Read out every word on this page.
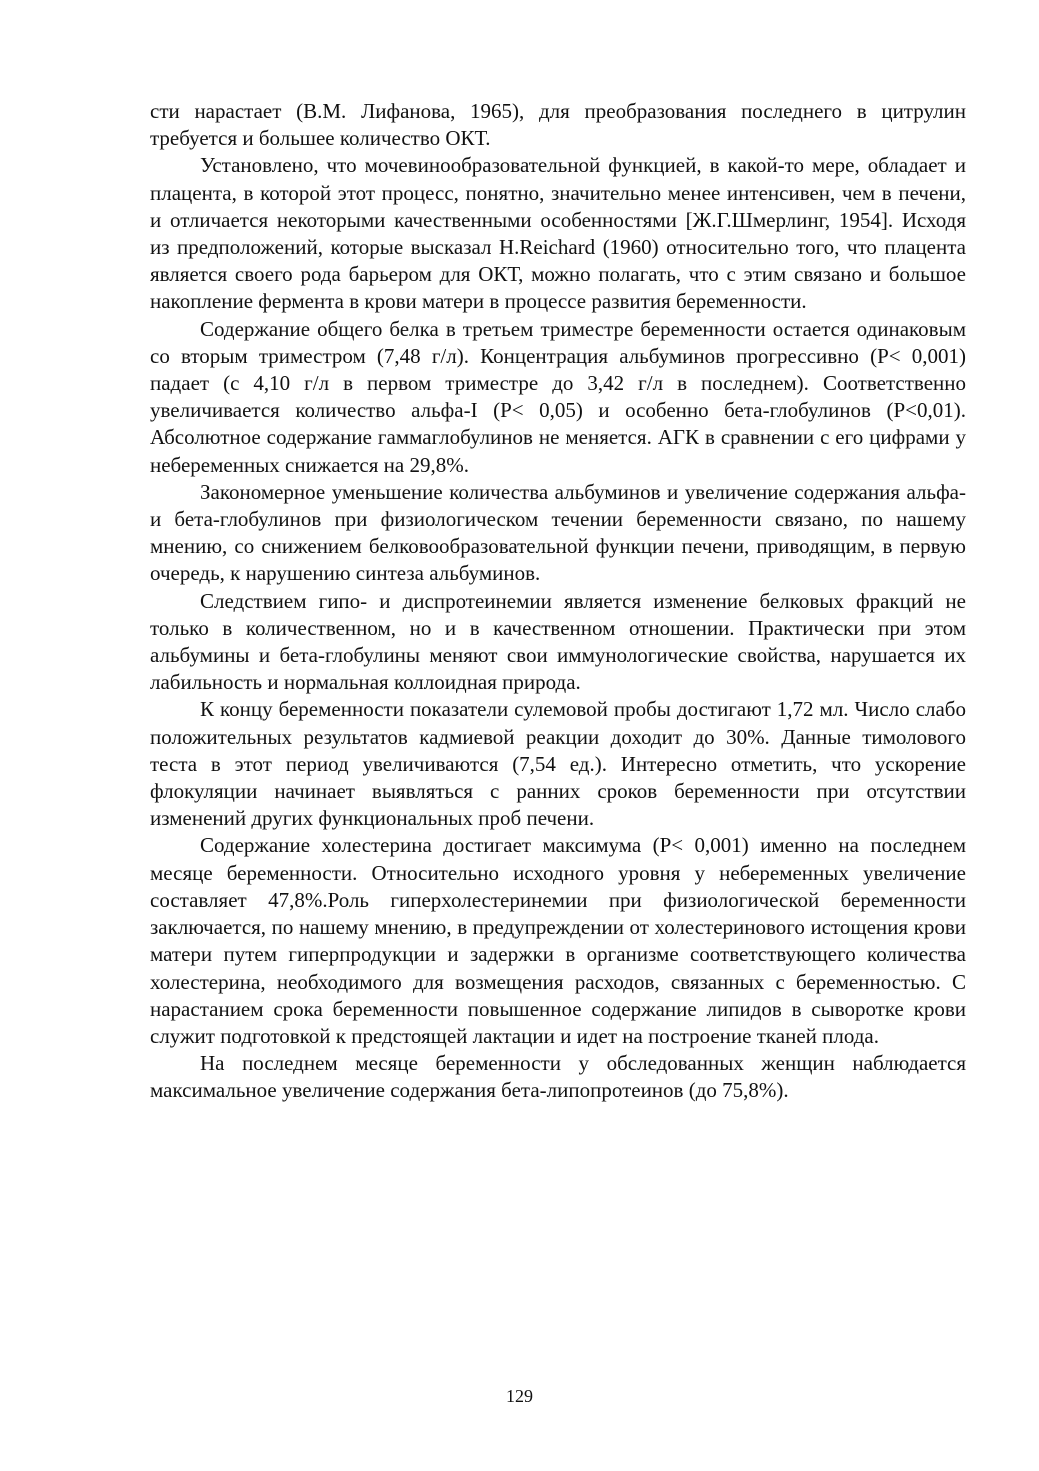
сти нарастает (В.М. Лифанова, 1965), для преобразования последнего в цитрулин требуется и большее количество ОКТ.

Установлено, что мочевинообразовательной функцией, в какой-то мере, обладает и плацента, в которой этот процесс, понятно, значительно менее интенсивен, чем в печени, и отличается некоторыми качественными особенностями [Ж.Г.Шмерлинг, 1954]. Исходя из предположений, которые высказал H.Reichard (1960) относительно того, что плацента является своего рода барьером для ОКТ, можно полагать, что с этим связано и большое накопление фермента в крови матери в процессе развития беременности.

Содержание общего белка в третьем триместре беременности остается одинаковым со вторым триместром (7,48 г/л). Концентрация альбуминов прогрессивно (P< 0,001) падает (с 4,10 г/л в первом триместре до 3,42 г/л в последнем). Соответственно увеличивается количество альфа-I (P< 0,05) и особенно бета-глобулинов (P<0,01). Абсолютное содержание гаммаглобулинов не меняется. АГК в сравнении с его цифрами у небеременных снижается на 29,8%.

Закономерное уменьшение количества альбуминов и увеличение содержания альфа- и бета-глобулинов при физиологическом течении беременности связано, по нашему мнению, со снижением белковообразовательной функции печени, приводящим, в первую очередь, к нарушению синтеза альбуминов.

Следствием гипо- и диспротеинемии является изменение белковых фракций не только в количественном, но и в качественном отношении. Практически при этом альбумины и бета-глобулины меняют свои иммунологические свойства, нарушается их лабильность и нормальная коллоидная природа.

К концу беременности показатели сулемовой пробы достигают 1,72 мл. Число слабо положительных результатов кадмиевой реакции доходит до 30%. Данные тимолового теста в этот период увеличиваются (7,54 ед.). Интересно отметить, что ускорение флокуляции начинает выявляться с ранних сроков беременности при отсутствии изменений других функциональных проб печени.

Содержание холестерина достигает максимума (P< 0,001) именно на последнем месяце беременности. Относительно исходного уровня у небеременных увеличение составляет 47,8%.Роль гиперхолестеринемии при физиологической беременности заключается, по нашему мнению, в предупреждении от холестеринового истощения крови матери путем гиперпродукции и задержки в организме соответствующего количества холестерина, необходимого для возмещения расходов, связанных с беременностью. С нарастанием срока беременности повышенное содержание липидов в сыворотке крови служит подготовкой к предстоящей лактации и идет на построение тканей плода.

На последнем месяце беременности у обследованных женщин наблюдается максимальное увеличение содержания бета-липопротеинов (до 75,8%).

129
